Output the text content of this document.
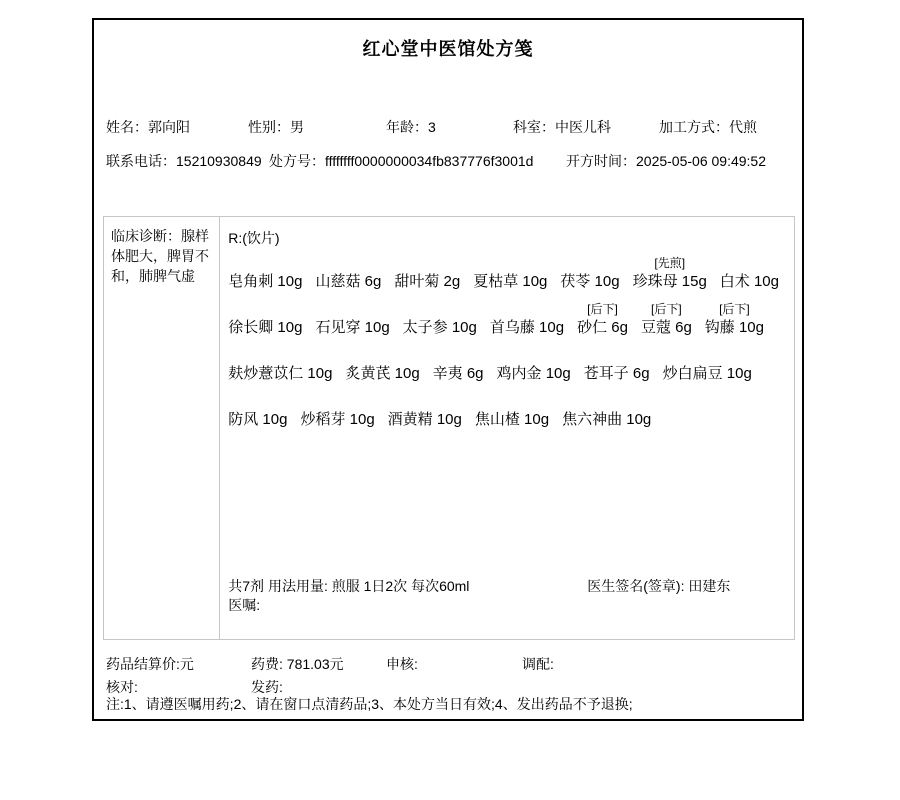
红心堂中医馆处方笺
姓名：郭向阳	性别：男	年龄：3	科室：中医儿科	加工方式：代煎
联系电话：15210930849 处方号：ffffffff0000000034fb837776f3001d 开方时间：2025-05-06 09:49:52
临床诊断：腺样体肥大，脾胃不和，肺脾气虚
R:(饮片)

皂角刺 10g
山慈菇 6g
甜叶菊 2g
夏枯草 10g
茯苓 10g
[先煎]
珍珠母 15g
白术 10g

徐长卿 10g
石见穿 10g
太子参 10g
首乌藤 10g
[后下]
砂仁 6g
[后下]
豆蔻 6g
[后下]
钩藤 10g

麸炒薏苡仁 10g
炙黄芪 10g
辛夷 6g
鸡内金 10g
苍耳子 6g
炒白扁豆 10g

防风 10g
炒稻芽 10g
酒黄精 10g
焦山楂 10g
焦六神曲 10g
共7剂 用法用量: 煎服 1日2次 每次60ml	医生签名(签章): 田建东
医嘱:
药品结算价:元	药费: 781.03元	申核:	调配:
核对:	发药:
注:1、请遵医嘱用药;2、请在窗口点清药品;3、本处方当日有效;4、发出药品不予退换;
